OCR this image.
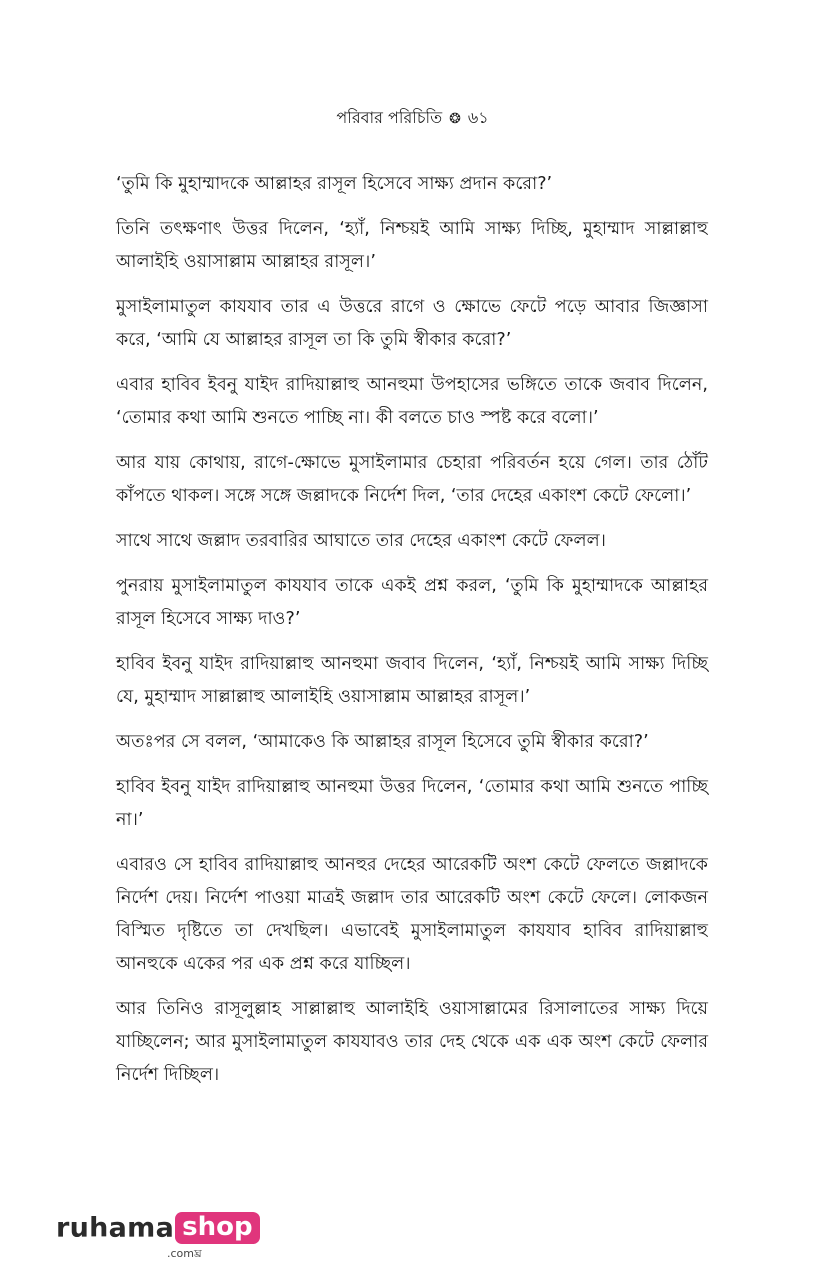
পরিবার পরিচিতি ❂ ৬১

‘তুমি কি মুহাম্মাদকে আল্লাহর রাসূল হিসেবে সাক্ষ্য প্রদান করো?’

তিনি তৎক্ষণাৎ উত্তর দিলেন, ‘হ্যাঁ, নিশ্চয়ই আমি সাক্ষ্য দিচ্ছি, মুহাম্মাদ সাল্লাল্লাহু আলাইহি ওয়াসাল্লাম আল্লাহর রাসূল।’

মুসাইলামাতুল কাযযাব তার এ উত্তরে রাগে ও ক্ষোভে ফেটে পড়ে আবার জিজ্ঞাসা করে, ‘আমি যে আল্লাহর রাসূল তা কি তুমি স্বীকার করো?’

এবার হাবিব ইবনু যাইদ রাদিয়াল্লাহু আনহুমা উপহাসের ভঙ্গিতে তাকে জবাব দিলেন, ‘তোমার কথা আমি শুনতে পাচ্ছি না। কী বলতে চাও স্পষ্ট করে বলো।’

আর যায় কোথায়, রাগে-ক্ষোভে মুসাইলামার চেহারা পরিবর্তন হয়ে গেল। তার ঠোঁট কাঁপতে থাকল। সঙ্গে সঙ্গে জল্লাদকে নির্দেশ দিল, ‘তার দেহের একাংশ কেটে ফেলো।’

সাথে সাথে জল্লাদ তরবারির আঘাতে তার দেহের একাংশ কেটে ফেলল।

পুনরায় মুসাইলামাতুল কাযযাব তাকে একই প্রশ্ন করল, ‘তুমি কি মুহাম্মাদকে আল্লাহর রাসূল হিসেবে সাক্ষ্য দাও?’

হাবিব ইবনু যাইদ রাদিয়াল্লাহু আনহুমা জবাব দিলেন, ‘হ্যাঁ, নিশ্চয়ই আমি সাক্ষ্য দিচ্ছি যে, মুহাম্মাদ সাল্লাল্লাহু আলাইহি ওয়াসাল্লাম আল্লাহর রাসূল।’

অতঃপর সে বলল, ‘আমাকেও কি আল্লাহর রাসূল হিসেবে তুমি স্বীকার করো?’

হাবিব ইবনু যাইদ রাদিয়াল্লাহু আনহুমা উত্তর দিলেন, ‘তোমার কথা আমি শুনতে পাচ্ছি না।’

এবারও সে হাবিব রাদিয়াল্লাহু আনহুর দেহের আরেকটি অংশ কেটে ফেলতে জল্লাদকে নির্দেশ দেয়। নির্দেশ পাওয়া মাত্রই জল্লাদ তার আরেকটি অংশ কেটে ফেলে। লোকজন বিস্মিত দৃষ্টিতে তা দেখছিল। এভাবেই মুসাইলামাতুল কাযযাব হাবিব রাদিয়াল্লাহু আনহুকে একের পর এক প্রশ্ন করে যাচ্ছিল।

আর তিনিও রাসূলুল্লাহ সাল্লাল্লাহু আলাইহি ওয়াসাল্লামের রিসালাতের সাক্ষ্য দিয়ে যাচ্ছিলেন; আর মুসাইলামাতুল কাযযাবও তার দেহ থেকে এক এক অংশ কেটে ফেলার নির্দেশ দিচ্ছিল।

ruhama shop
.comঘ্র
